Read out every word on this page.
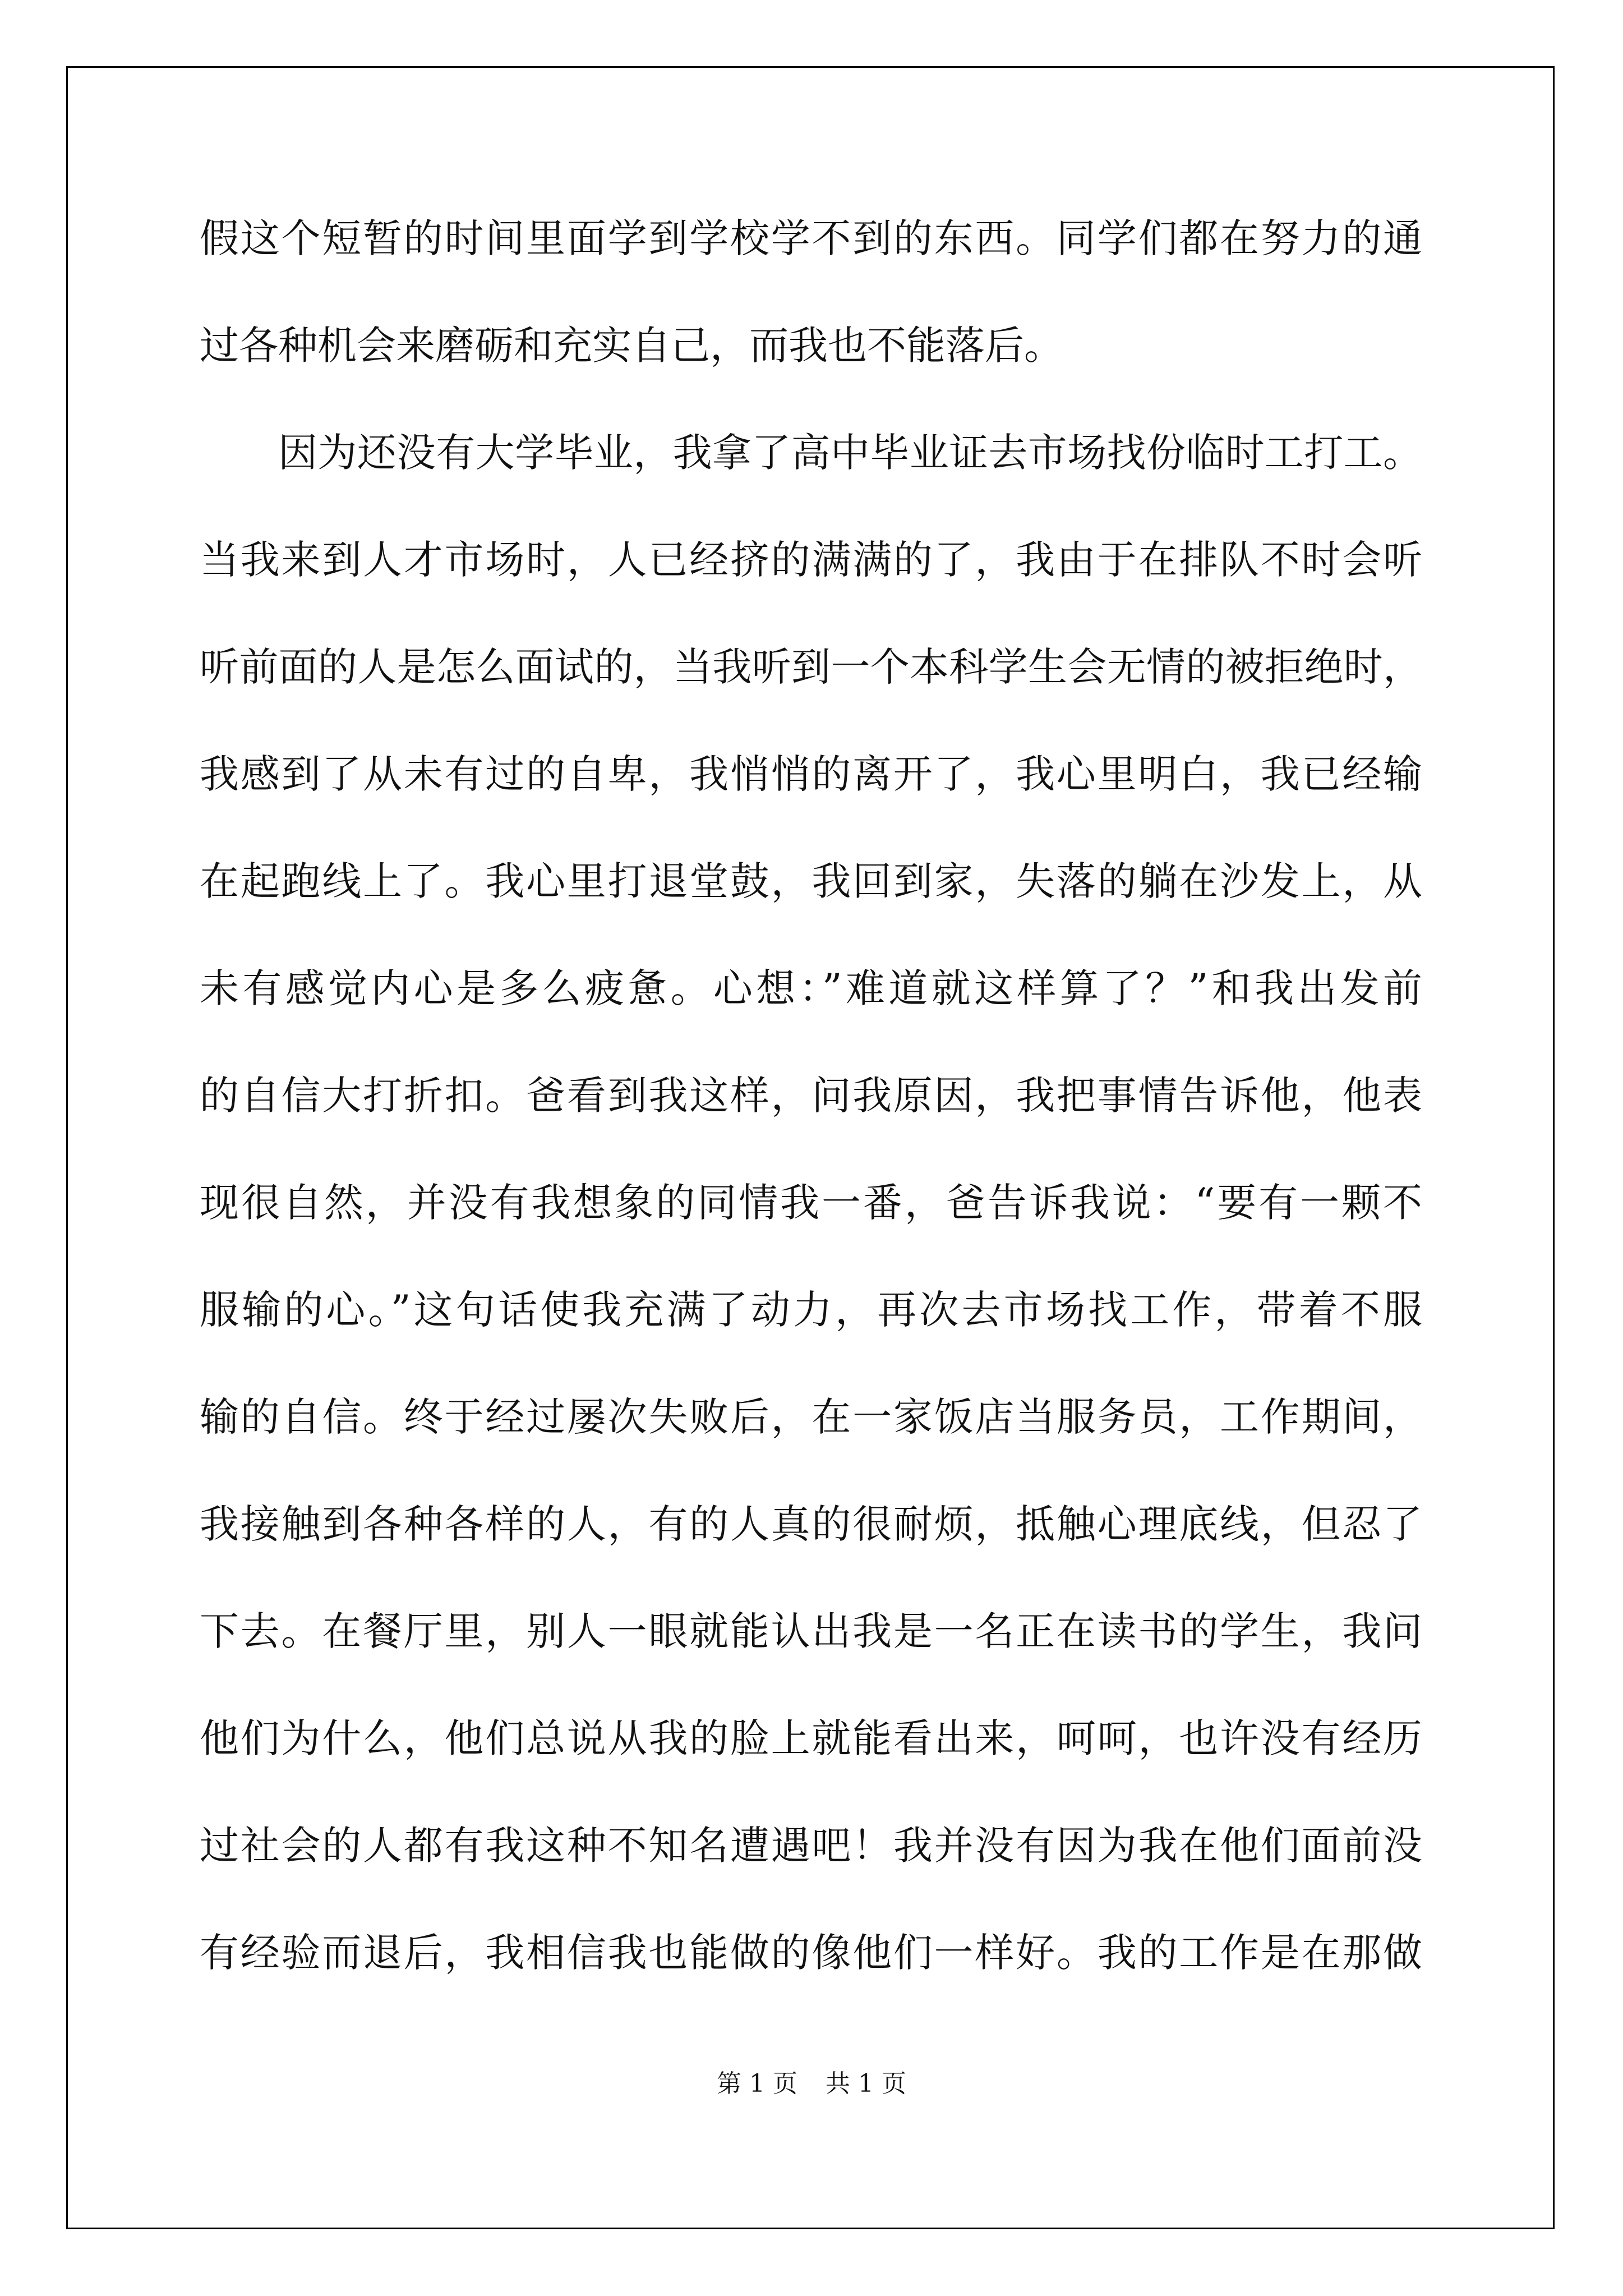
假这个短暂的时间里面学到学校学不到的东西。同学们都在努力的通
过各种机会来磨砺和充实自己，而我也不能落后。
因为还没有大学毕业，我拿了高中毕业证去市场找份临时工打工。
当我来到人才市场时，人已经挤的满满的了，我由于在排队不时会听
听前面的人是怎么面试的，当我听到一个本科学生会无情的被拒绝时，
我感到了从未有过的自卑，我悄悄的离开了，我心里明白，我已经输
在起跑线上了。我心里打退堂鼓，我回到家，失落的躺在沙发上，从
未有感觉内心是多么疲惫。心想：”难道就这样算了？”和我出发前
的自信大打折扣。爸看到我这样，问我原因，我把事情告诉他，他表
现很自然，并没有我想象的同情我一番，爸告诉我说：“要有一颗不
服输的心。”这句话使我充满了动力，再次去市场找工作，带着不服
输的自信。终于经过屡次失败后，在一家饭店当服务员，工作期间，
我接触到各种各样的人，有的人真的很耐烦，抵触心理底线，但忍了
下去。在餐厅里，别人一眼就能认出我是一名正在读书的学生，我问
他们为什么，他们总说从我的脸上就能看出来，呵呵，也许没有经历
过社会的人都有我这种不知名遭遇吧！我并没有因为我在他们面前没
有经验而退后，我相信我也能做的像他们一样好。我的工作是在那做
第 1 页 共 1 页
